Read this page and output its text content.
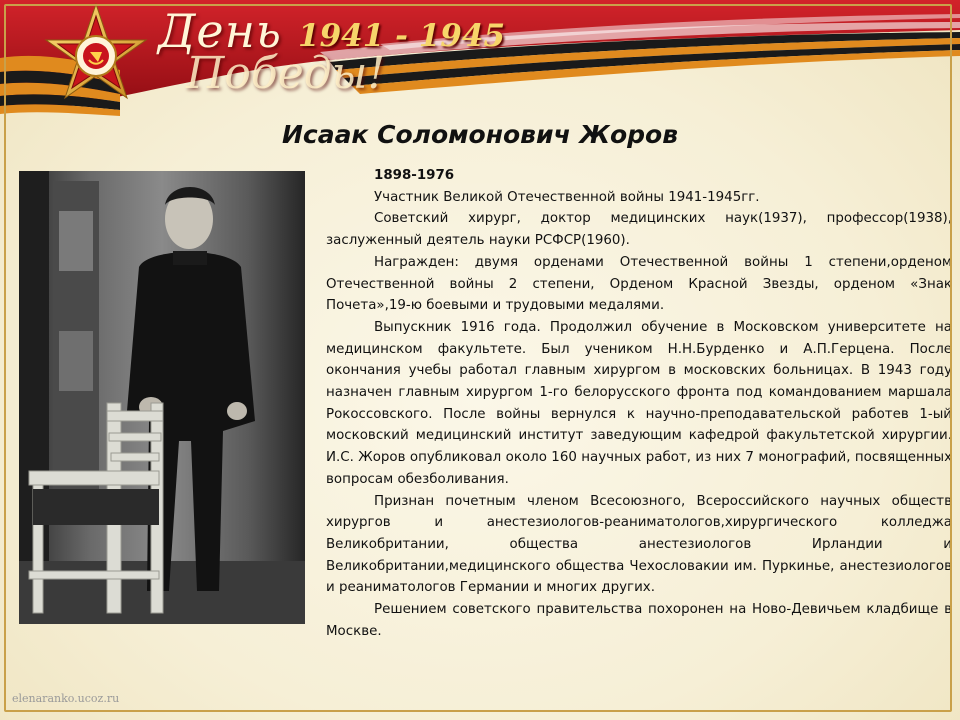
День
Победы!
1941 - 1945
Исаак Соломонович Жоров

1898-1976

Участник Великой Отечественной войны 1941-1945гг.

Советский хирург, доктор медицинских наук(1937), профессор(1938), заслуженный деятель науки РСФСР(1960).

Награжден: двумя орденами Отечественной войны 1 степени,орденом Отечественной войны 2 степени, Орденом Красной Звезды, орденом «Знак Почета»,19-ю боевыми и трудовыми медалями.

Выпускник 1916 года. Продолжил обучение в Московском университете на медицинском факультете. Был учеником Н.Н.Бурденко и А.П.Герцена. После окончания учебы работал главным хирургом в московских больницах. В 1943 году назначен главным хирургом 1-го белорусского фронта под командованием маршала Рокоссовского. После войны вернулся к научно-преподавательской работев 1-ый московский медицинский институт заведующим кафедрой факультетской хирургии. И.С. Жоров опубликовал около 160 научных работ, из них 7 монографий, посвященных вопросам обезболивания.

Признан почетным членом Всесоюзного, Всероссийского научных обществ хирургов и анестезиологов-реаниматологов,хирургического колледжа Великобритании, общества анестезиологов Ирландии и Великобритании,медицинского общества Чехословакии им. Пуркинье, анестезиологов и реаниматологов Германии и многих других.

Решением советского правительства похоронен на Ново-Девичьем кладбище в Москве.

elenaranko.ucoz.ru
